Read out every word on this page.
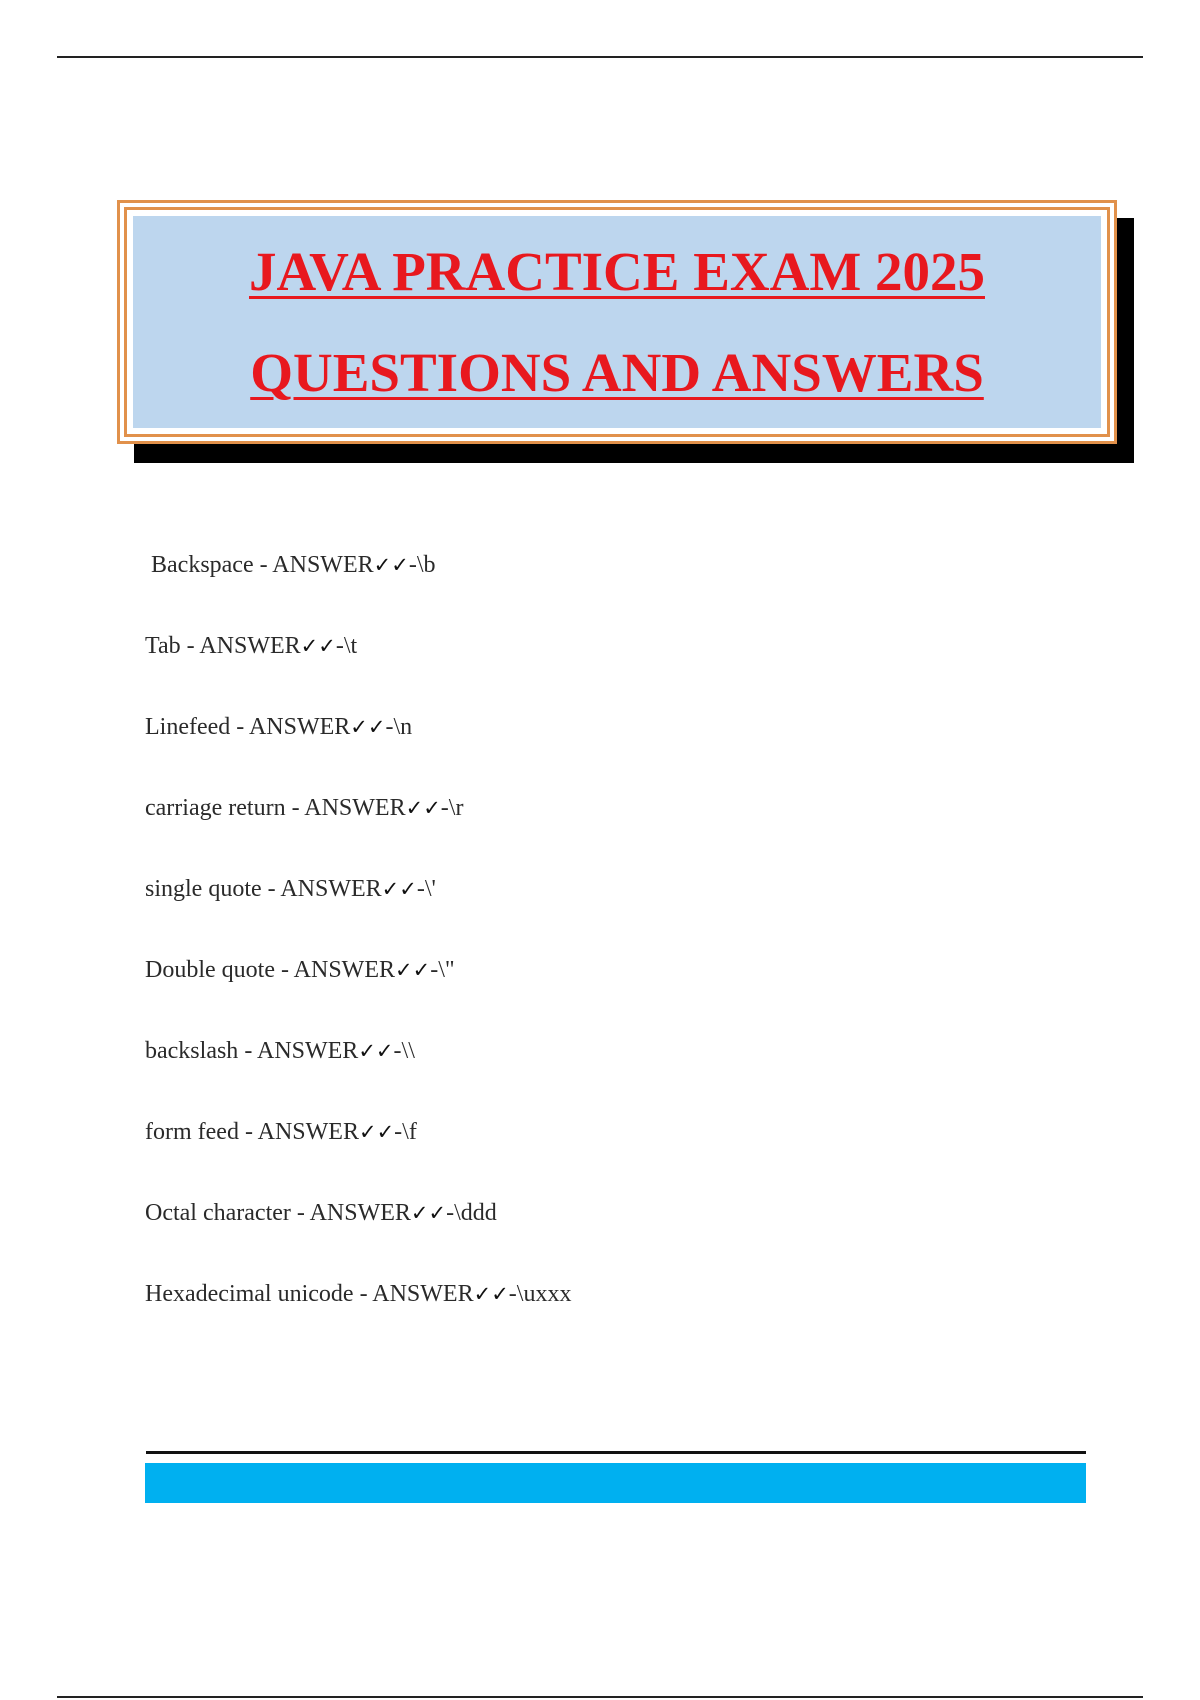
JAVA PRACTICE EXAM 2025
QUESTIONS AND ANSWERS
Backspace - ANSWER✓✓-\b
Tab - ANSWER✓✓-\t
Linefeed - ANSWER✓✓-\n
carriage return - ANSWER✓✓-\r
single quote - ANSWER✓✓-\'
Double quote - ANSWER✓✓-\"
backslash - ANSWER✓✓-\\
form feed - ANSWER✓✓-\f
Octal character - ANSWER✓✓-\ddd
Hexadecimal unicode - ANSWER✓✓-\uxxx
